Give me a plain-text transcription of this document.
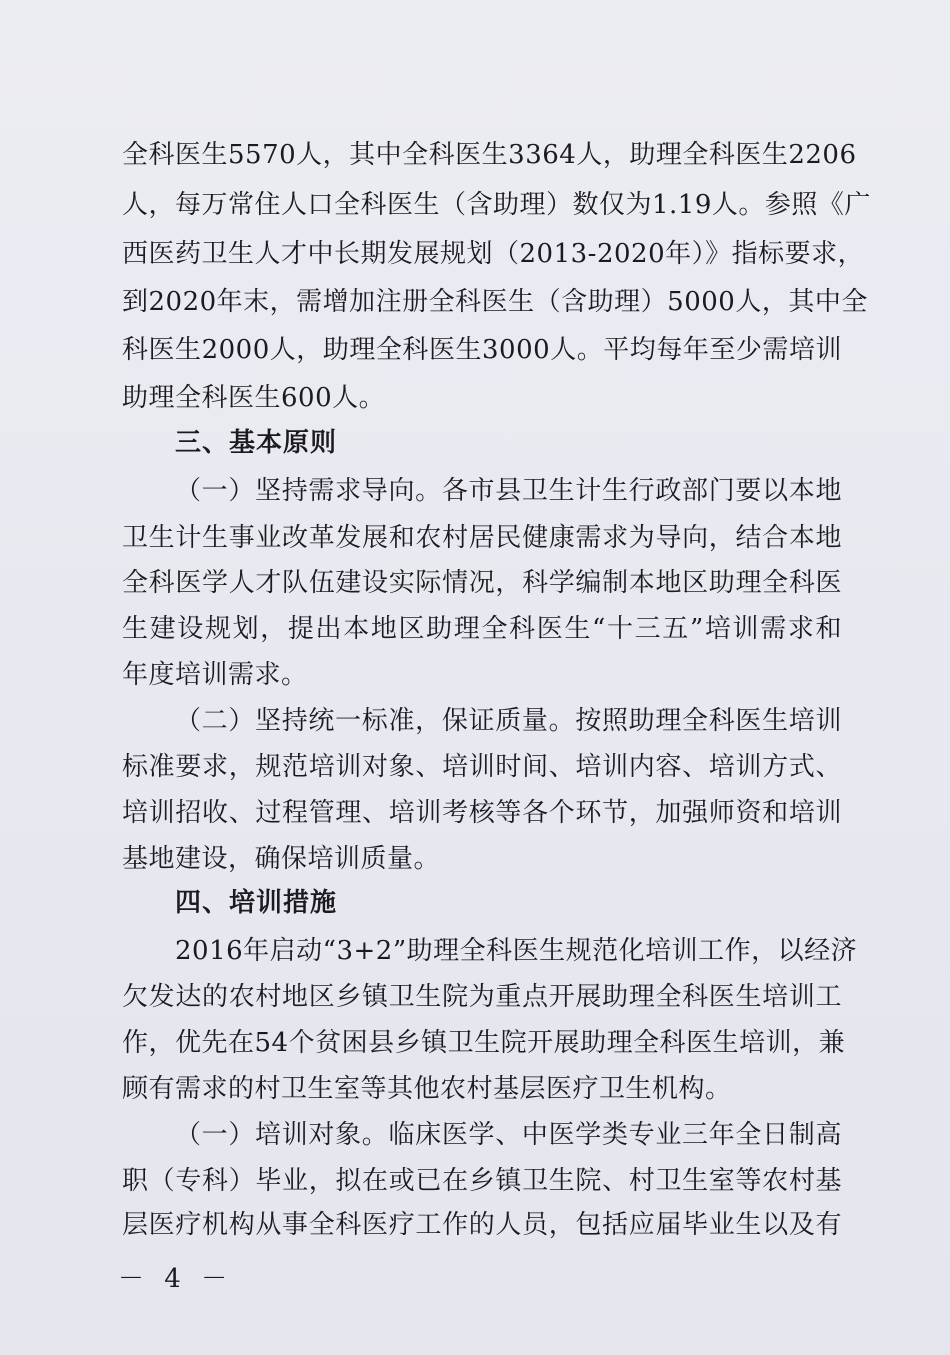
全科医生5570人，其中全科医生3364人，助理全科医生2206
人，每万常住人口全科医生（含助理）数仅为1.19人。参照《广
西医药卫生人才中长期发展规划（2013-2020年）》指标要求，
到2020年末，需增加注册全科医生（含助理）5000人，其中全
科医生2000人，助理全科医生3000人。平均每年至少需培训
助理全科医生600人。
三、基本原则
（一）坚持需求导向。各市县卫生计生行政部门要以本地
卫生计生事业改革发展和农村居民健康需求为导向，结合本地
全科医学人才队伍建设实际情况，科学编制本地区助理全科医
生建设规划，提出本地区助理全科医生“十三五”培训需求和
年度培训需求。
（二）坚持统一标准，保证质量。按照助理全科医生培训
标准要求，规范培训对象、培训时间、培训内容、培训方式、
培训招收、过程管理、培训考核等各个环节，加强师资和培训
基地建设，确保培训质量。
四、培训措施
2016年启动“3+2”助理全科医生规范化培训工作，以经济
欠发达的农村地区乡镇卫生院为重点开展助理全科医生培训工
作，优先在54个贫困县乡镇卫生院开展助理全科医生培训，兼
顾有需求的村卫生室等其他农村基层医疗卫生机构。
（一）培训对象。临床医学、中医学类专业三年全日制高
职（专科）毕业，拟在或已在乡镇卫生院、村卫生室等农村基
层医疗机构从事全科医疗工作的人员，包括应届毕业生以及有
－ 4 －
